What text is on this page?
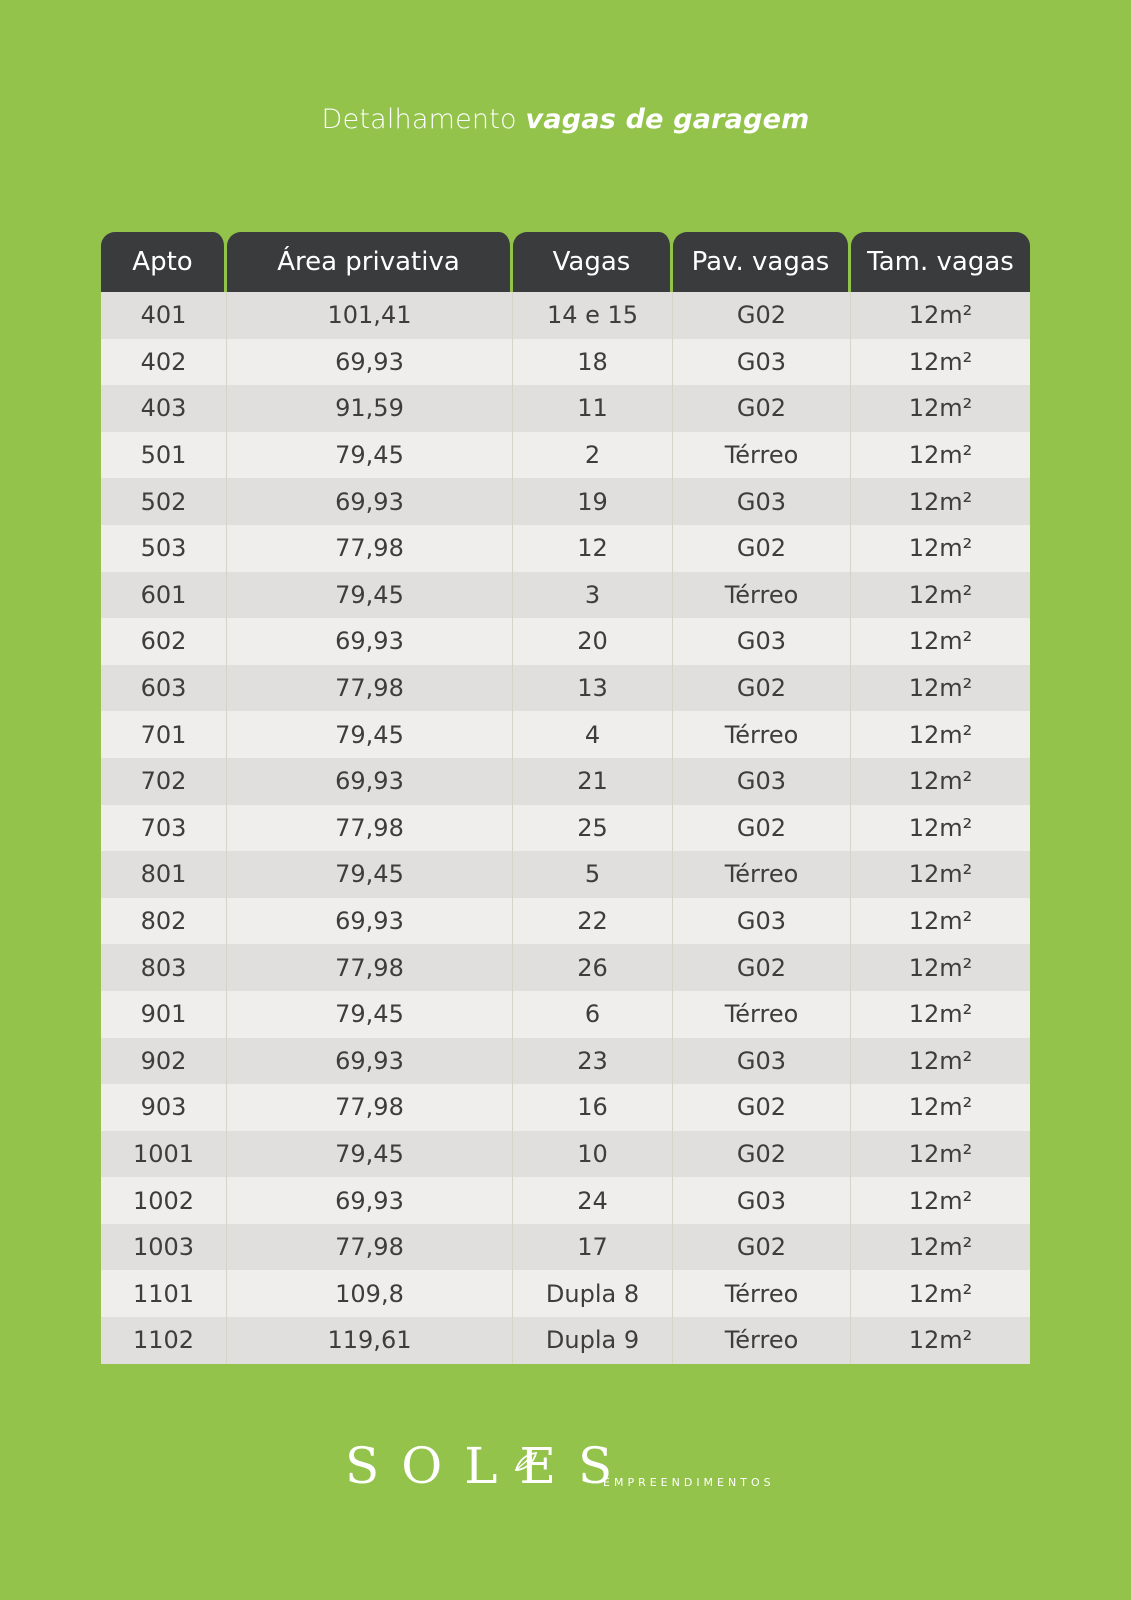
Detalhamento vagas de garagem
Apto	Área privativa	Vagas	Pav. vagas	Tam. vagas
401	101,41	14 e 15	G02	12m²
402	69,93	18	G03	12m²
403	91,59	11	G02	12m²
501	79,45	2	Térreo	12m²
502	69,93	19	G03	12m²
503	77,98	12	G02	12m²
601	79,45	3	Térreo	12m²
602	69,93	20	G03	12m²
603	77,98	13	G02	12m²
701	79,45	4	Térreo	12m²
702	69,93	21	G03	12m²
703	77,98	25	G02	12m²
801	79,45	5	Térreo	12m²
802	69,93	22	G03	12m²
803	77,98	26	G02	12m²
901	79,45	6	Térreo	12m²
902	69,93	23	G03	12m²
903	77,98	16	G02	12m²
1001	79,45	10	G02	12m²
1002	69,93	24	G03	12m²
1003	77,98	17	G02	12m²
1101	109,8	Dupla 8	Térreo	12m²
1102	119,61	Dupla 9	Térreo	12m²
SOLES
EMPREENDIMENTOS
